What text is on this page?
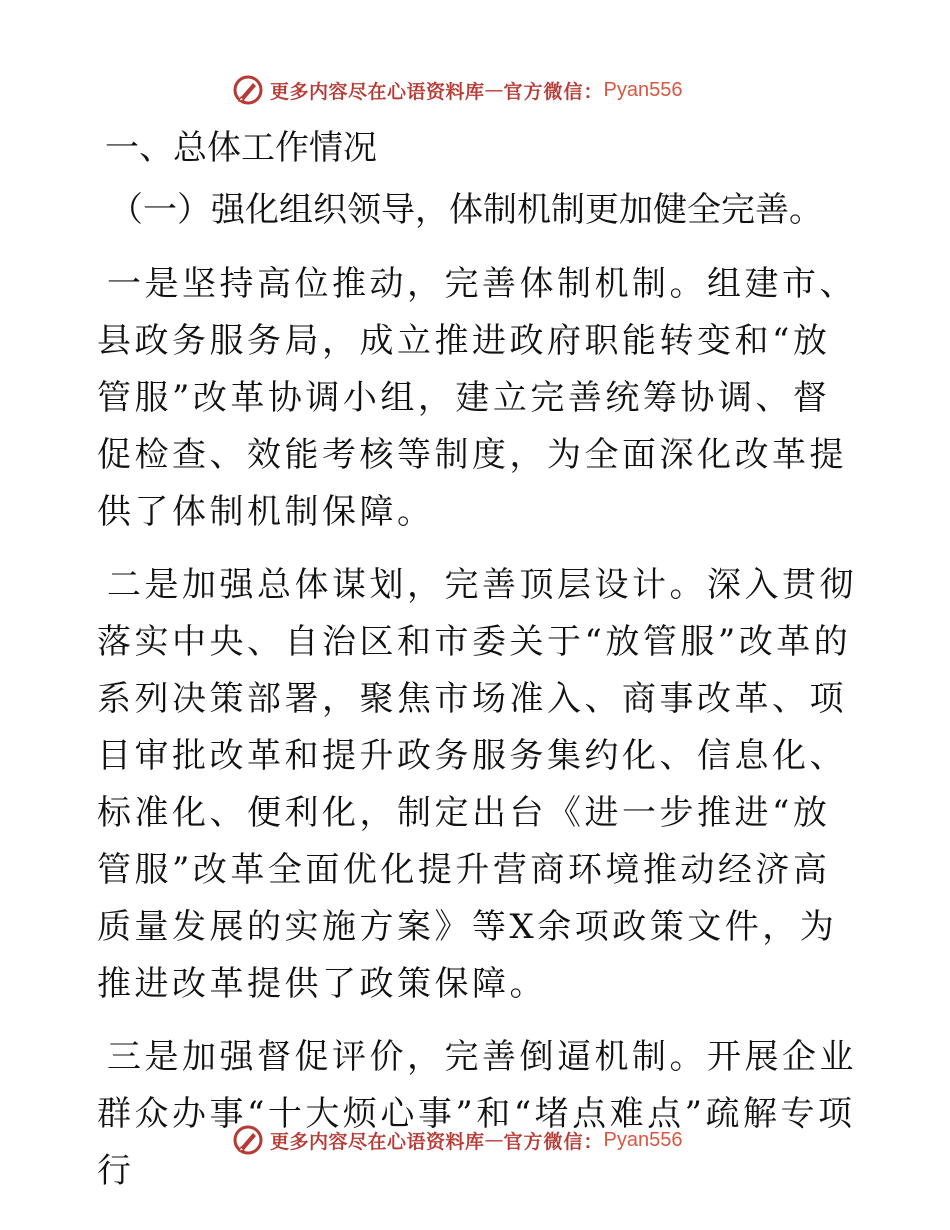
更多内容尽在心语资料库 — 官方微信： Pyan556
一、总体工作情况
（一）强化组织领导，体制机制更加健全完善。

一是坚持高位推动，完善体制机制。组建市、县政务服务局，成立推进政府职能转变和“放管服”改革协调小组，建立完善统筹协调、督促检查、效能考核等制度，为全面深化改革提供了体制机制保障。

二是加强总体谋划，完善顶层设计。深入贯彻落实中央、自治区和市委关于“放管服”改革的系列决策部署，聚焦市场准入、商事改革、项目审批改革和提升政务服务集约化、信息化、标准化、便利化，制定出台《进一步推进“放管服”改革全面优化提升营商环境推动经济高质量发展的实施方案》等X余项政策文件，为推进改革提供了政策保障。

三是加强督促评价，完善倒逼机制。开展企业群众办事“十大烦心事”和“堵点难点”疏解专项行

更多内容尽在心语资料库 — 官方微信： Pyan556
